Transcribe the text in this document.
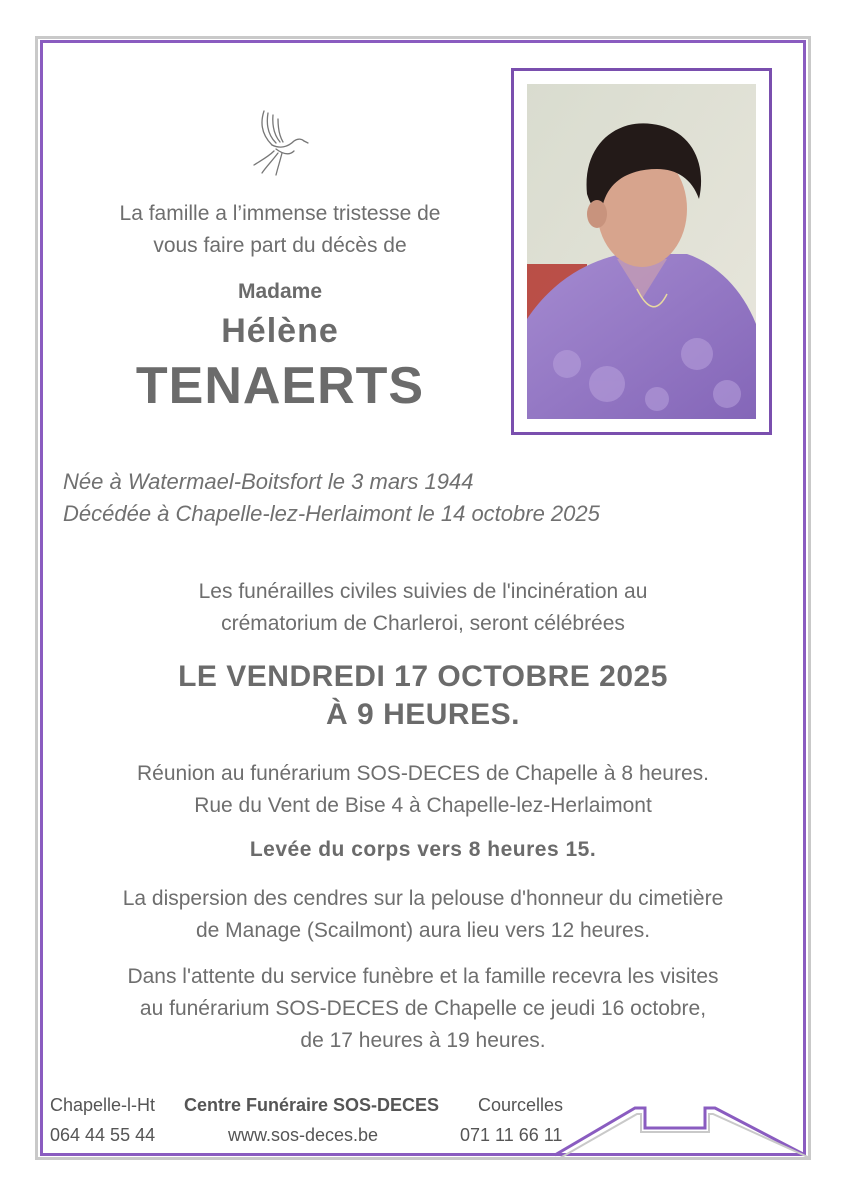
La famille a l’immense tristesse de
vous faire part du décès de
Madame
Hélène
TENAERTS
Née à Watermael-Boitsfort le 3 mars 1944
Décédée à Chapelle-lez-Herlaimont le 14 octobre 2025
Les funérailles civiles suivies de l'incinération au
crématorium de Charleroi, seront célébrées
LE VENDREDI 17 OCTOBRE 2025
À 9 HEURES.
Réunion au funérarium SOS-DECES de Chapelle à 8 heures.
Rue du Vent de Bise 4 à Chapelle-lez-Herlaimont
Levée du corps vers 8 heures 15.
La dispersion des cendres sur la pelouse d'honneur du cimetière
de Manage (Scailmont) aura lieu vers 12 heures.
Dans l'attente du service funèbre et la famille recevra les visites
au funérarium SOS-DECES de Chapelle ce jeudi 16 octobre,
de 17 heures à 19 heures.
Chapelle-l-Ht
064 44 55 44
Centre Funéraire SOS-DECES
www.sos-deces.be
Courcelles
071 11 66 11
